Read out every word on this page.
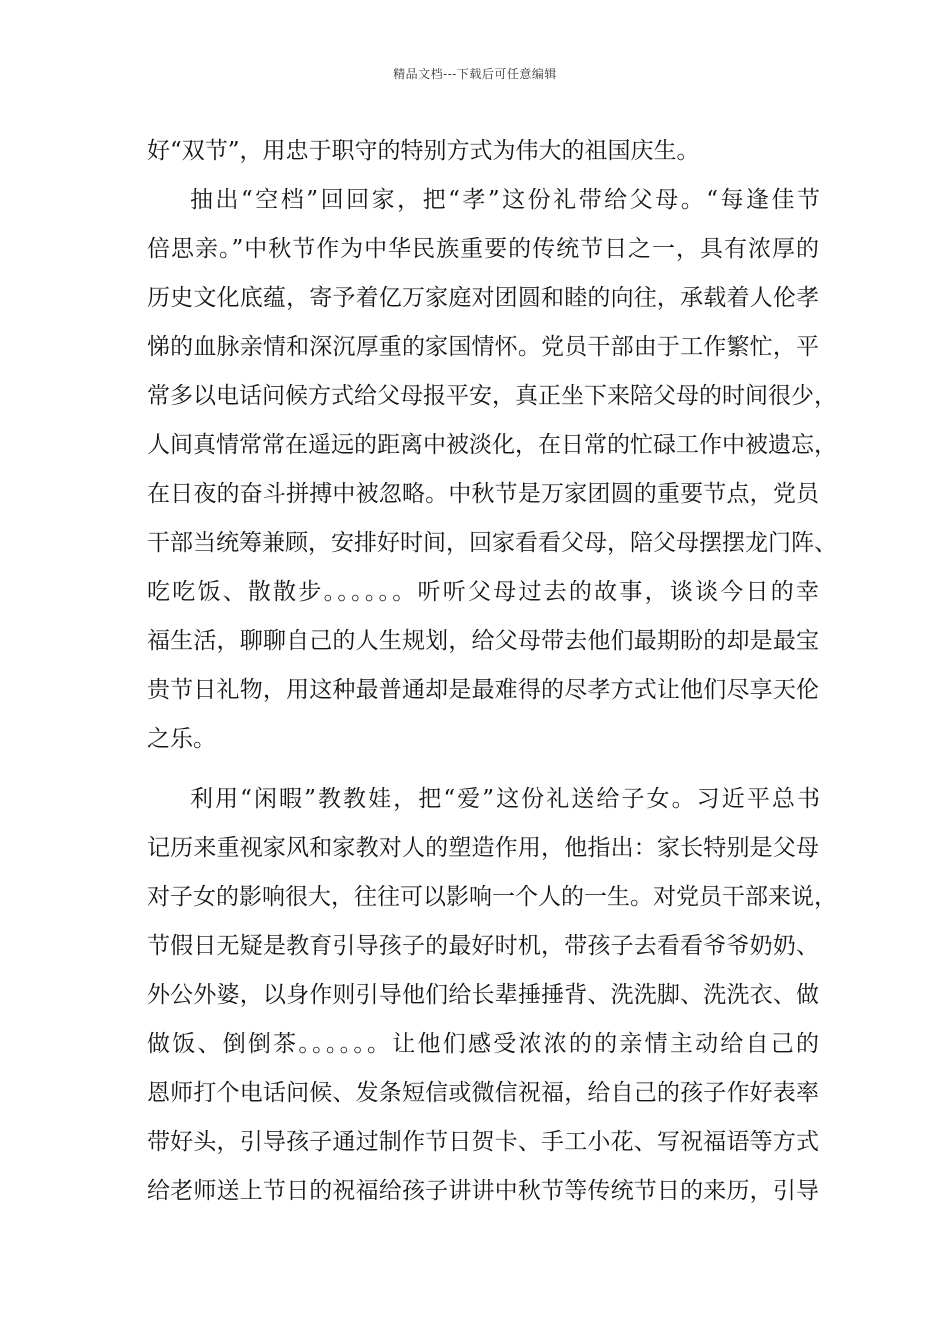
精品文档---下载后可任意编辑
好“双节”，用忠于职守的特别方式为伟大的祖国庆生。
抽出“空档”回回家，把“孝”这份礼带给父母。“每逢佳节
倍思亲。”中秋节作为中华民族重要的传统节日之一，具有浓厚的
历史文化底蕴，寄予着亿万家庭对团圆和睦的向往，承载着人伦孝
悌的血脉亲情和深沉厚重的家国情怀。党员干部由于工作繁忙，平
常多以电话问候方式给父母报平安，真正坐下来陪父母的时间很少，
人间真情常常在遥远的距离中被淡化，在日常的忙碌工作中被遗忘，
在日夜的奋斗拼搏中被忽略。中秋节是万家团圆的重要节点，党员
干部当统筹兼顾，安排好时间，回家看看父母，陪父母摆摆龙门阵、
吃吃饭、散散步。。。。。。听听父母过去的故事，谈谈今日的幸
福生活，聊聊自己的人生规划，给父母带去他们最期盼的却是最宝
贵节日礼物，用这种最普通却是最难得的尽孝方式让他们尽享天伦
之乐。
利用“闲暇”教教娃，把“爱”这份礼送给子女。习近平总书
记历来重视家风和家教对人的塑造作用，他指出：家长特别是父母
对子女的影响很大，往往可以影响一个人的一生。对党员干部来说，
节假日无疑是教育引导孩子的最好时机，带孩子去看看爷爷奶奶、
外公外婆，以身作则引导他们给长辈捶捶背、洗洗脚、洗洗衣、做
做饭、倒倒茶。。。。。。让他们感受浓浓的的亲情主动给自己的
恩师打个电话问候、发条短信或微信祝福，给自己的孩子作好表率
带好头，引导孩子通过制作节日贺卡、手工小花、写祝福语等方式
给老师送上节日的祝福给孩子讲讲中秋节等传统节日的来历，引导
